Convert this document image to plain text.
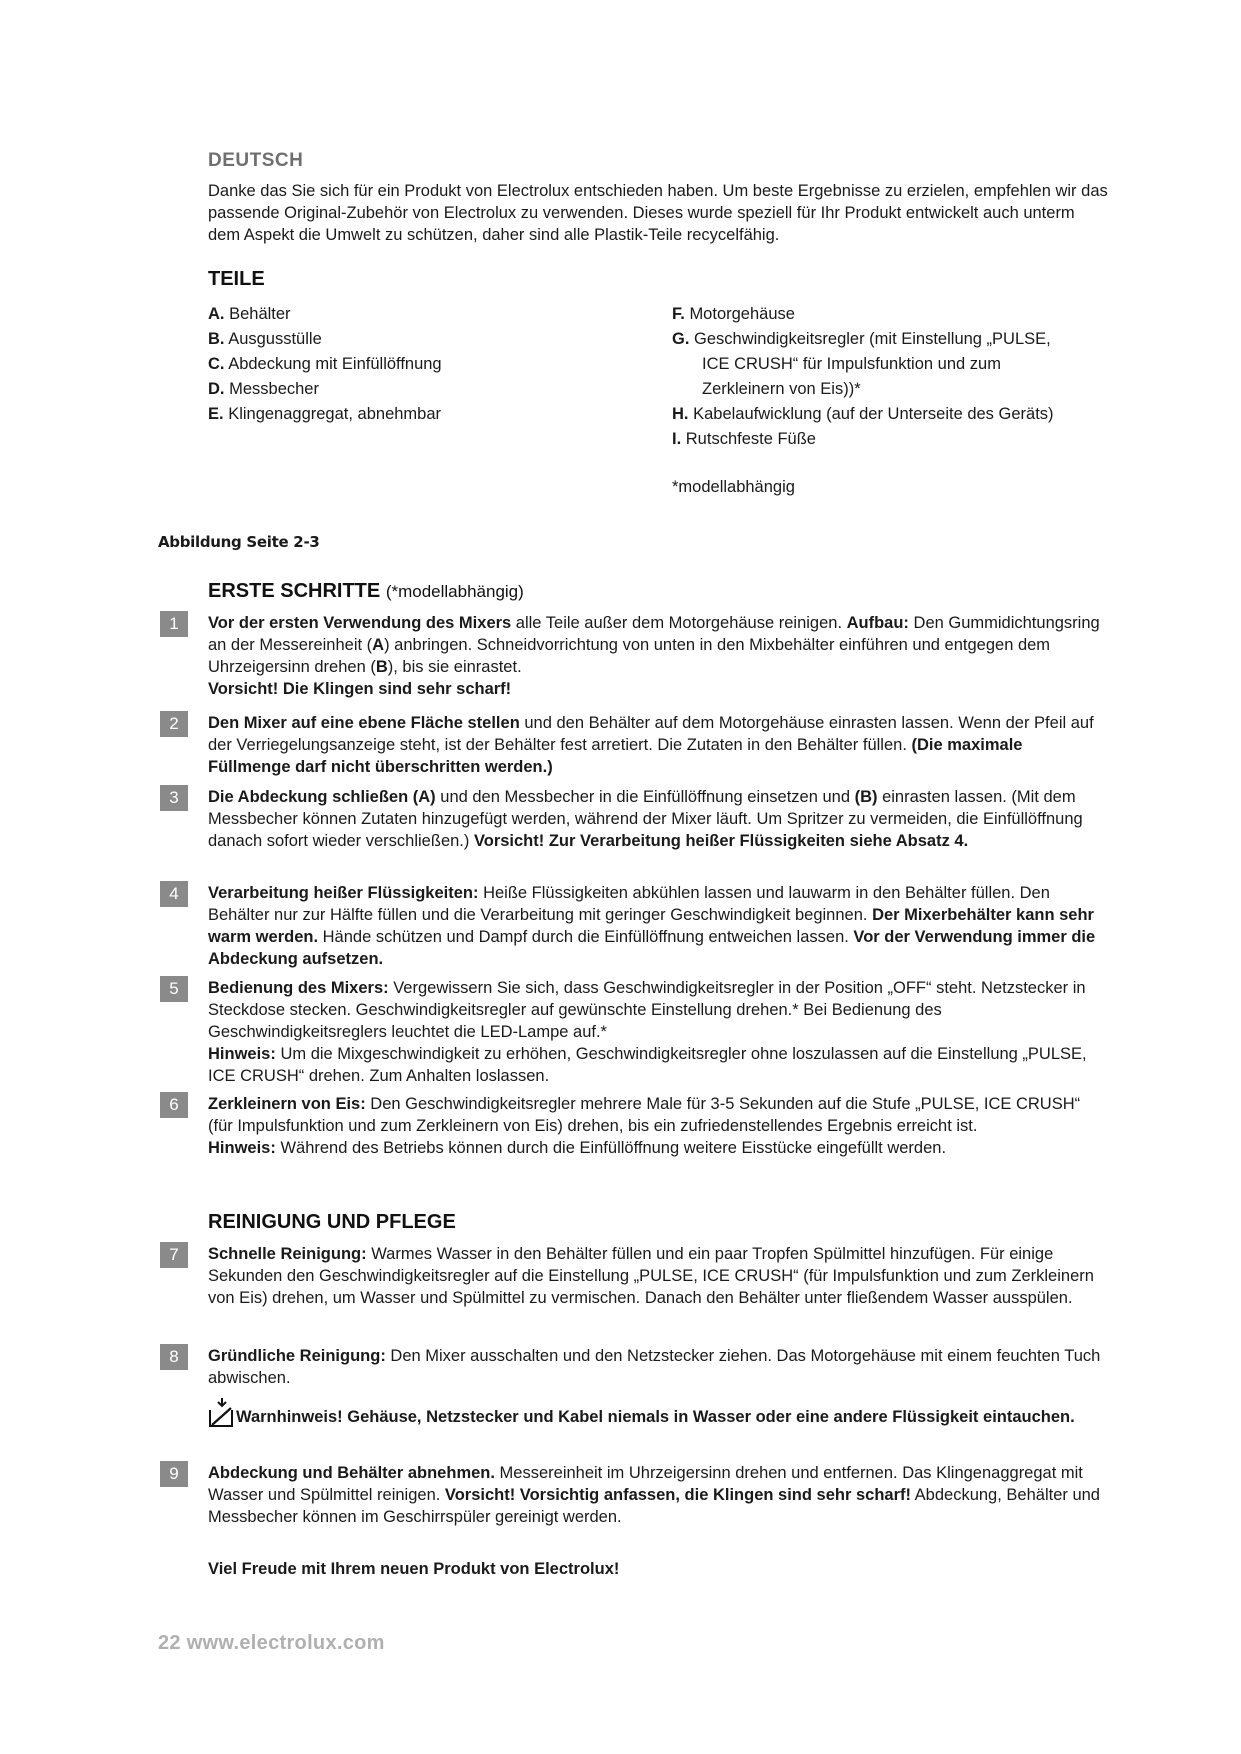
DEUTSCH
Danke das Sie sich für ein Produkt von Electrolux entschieden haben. Um beste Ergebnisse zu erzielen, empfehlen wir das passende Original-Zubehör von Electrolux zu verwenden. Dieses wurde speziell für Ihr Produkt entwickelt auch unterm dem Aspekt die Umwelt zu schützen, daher sind alle Plastik-Teile recycelfähig.
TEILE
A. Behälter
B. Ausgusstülle
C. Abdeckung mit Einfüllöffnung
D. Messbecher
E. Klingenaggregat, abnehmbar
F. Motorgehäuse
G. Geschwindigkeitsregler (mit Einstellung „PULSE,
ICE CRUSH“ für Impulsfunktion und zum
Zerkleinern von Eis))*
H. Kabelaufwicklung (auf der Unterseite des Geräts)
I. Rutschfeste Füße
*modellabhängig
Abbildung Seite 2-3
ERSTE SCHRITTE (*modellabhängig)
1	Vor der ersten Verwendung des Mixers alle Teile außer dem Motorgehäuse reinigen. Aufbau: Den Gummidichtungsring an der Messereinheit (A) anbringen. Schneidvorrichtung von unten in den Mixbehälter einführen und entgegen dem Uhrzeigersinn drehen (B), bis sie einrastet.
Vorsicht! Die Klingen sind sehr scharf!
2	Den Mixer auf eine ebene Fläche stellen und den Behälter auf dem Motorgehäuse einrasten lassen. Wenn der Pfeil auf der Verriegelungsanzeige steht, ist der Behälter fest arretiert. Die Zutaten in den Behälter füllen. (Die maximale Füllmenge darf nicht überschritten werden.)
3	Die Abdeckung schließen (A) und den Messbecher in die Einfüllöffnung einsetzen und (B) einrasten lassen. (Mit dem Messbecher können Zutaten hinzugefügt werden, während der Mixer läuft. Um Spritzer zu vermeiden, die Einfüllöffnung danach sofort wieder verschließen.) Vorsicht! Zur Verarbeitung heißer Flüssigkeiten siehe Absatz 4.
4	Verarbeitung heißer Flüssigkeiten: Heiße Flüssigkeiten abkühlen lassen und lauwarm in den Behälter füllen. Den Behälter nur zur Hälfte füllen und die Verarbeitung mit geringer Geschwindigkeit beginnen. Der Mixerbehälter kann sehr warm werden. Hände schützen und Dampf durch die Einfüllöffnung entweichen lassen. Vor der Verwendung immer die Abdeckung aufsetzen.
5	Bedienung des Mixers: Vergewissern Sie sich, dass Geschwindigkeitsregler in der Position „OFF“ steht. Netzstecker in Steckdose stecken. Geschwindigkeitsregler auf gewünschte Einstellung drehen.* Bei Bedienung des Geschwindigkeitsreglers leuchtet die LED-Lampe auf.*
Hinweis: Um die Mixgeschwindigkeit zu erhöhen, Geschwindigkeitsregler ohne loszulassen auf die Einstellung „PULSE, ICE CRUSH“ drehen. Zum Anhalten loslassen.
6	Zerkleinern von Eis: Den Geschwindigkeitsregler mehrere Male für 3-5 Sekunden auf die Stufe „PULSE, ICE CRUSH“ (für Impulsfunktion und zum Zerkleinern von Eis) drehen, bis ein zufriedenstellendes Ergebnis erreicht ist.
Hinweis: Während des Betriebs können durch die Einfüllöffnung weitere Eisstücke eingefüllt werden.
REINIGUNG UND PFLEGE
7	Schnelle Reinigung: Warmes Wasser in den Behälter füllen und ein paar Tropfen Spülmittel hinzufügen. Für einige Sekunden den Geschwindigkeitsregler auf die Einstellung „PULSE, ICE CRUSH“ (für Impulsfunktion und zum Zerkleinern von Eis) drehen, um Wasser und Spülmittel zu vermischen. Danach den Behälter unter fließendem Wasser ausspülen.
8	Gründliche Reinigung: Den Mixer ausschalten und den Netzstecker ziehen. Das Motorgehäuse mit einem feuchten Tuch abwischen.
Warnhinweis! Gehäuse, Netzstecker und Kabel niemals in Wasser oder eine andere Flüssigkeit eintauchen.
9	Abdeckung und Behälter abnehmen. Messereinheit im Uhrzeigersinn drehen und entfernen. Das Klingenaggregat mit Wasser und Spülmittel reinigen. Vorsicht! Vorsichtig anfassen, die Klingen sind sehr scharf! Abdeckung, Behälter und Messbecher können im Geschirrspüler gereinigt werden.
Viel Freude mit Ihrem neuen Produkt von Electrolux!
22 www.electrolux.com
